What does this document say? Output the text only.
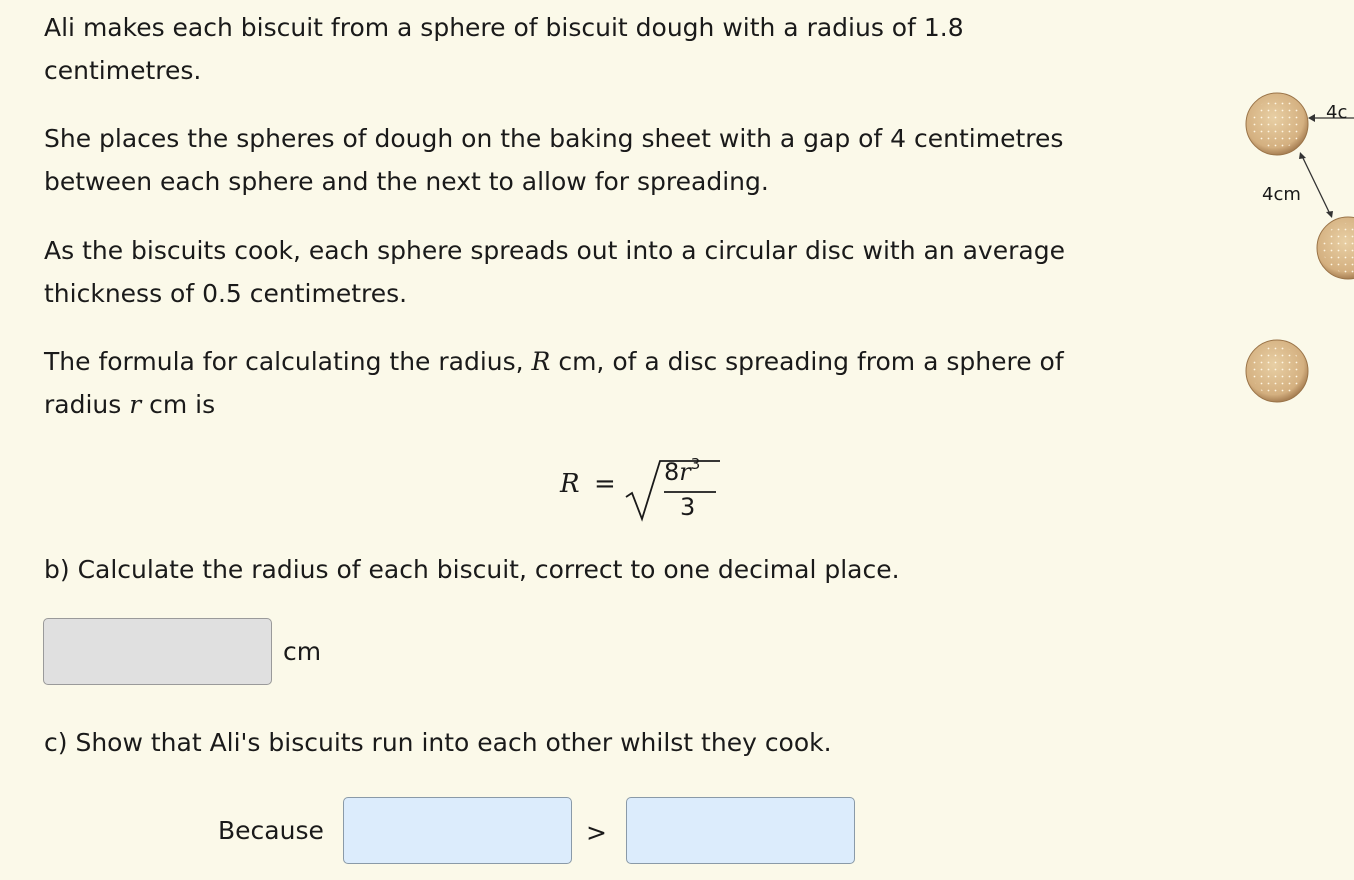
Ali makes each biscuit from a sphere of biscuit dough with a radius of 1.8
centimetres.

She places the spheres of dough on the baking sheet with a gap of 4 centimetres
between each sphere and the next to allow for spreading.

As the biscuits cook, each sphere spreads out into a circular disc with an average
thickness of 0.5 centimetres.

The formula for calculating the radius, R cm, of a disc spreading from a sphere of
radius r cm is

$R = 8r^3$
3

b) Calculate the radius of each biscuit, correct to one decimal place.

cm

c) Show that Ali's biscuits run into each other whilst they cook.

Because	>
4c
4cm
